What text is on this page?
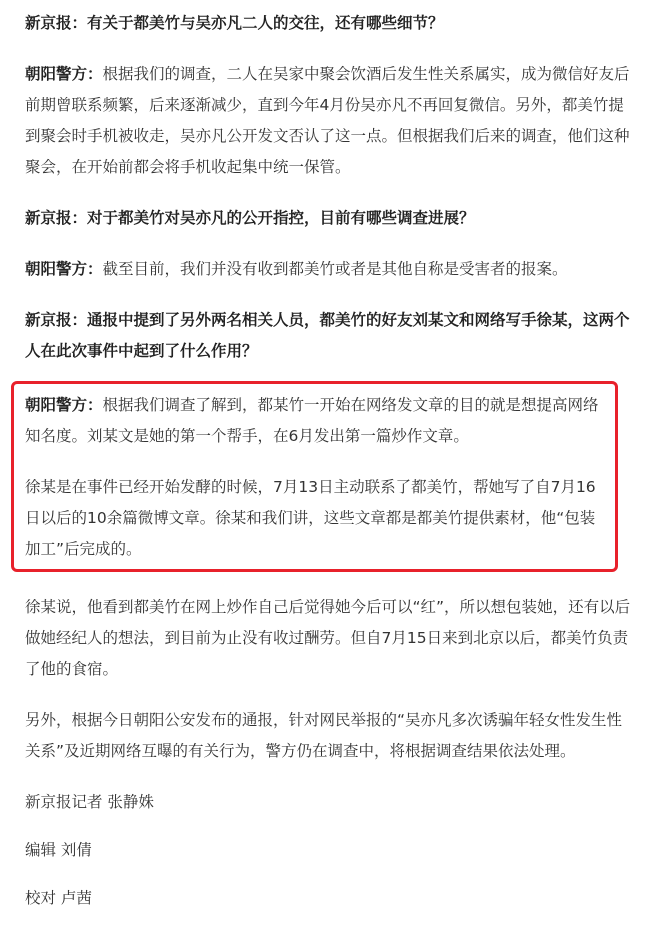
新京报：有关于都美竹与吴亦凡二人的交往，还有哪些细节？

朝阳警方：根据我们的调查，二人在吴家中聚会饮酒后发生性关系属实，成为微信好友后前期曾联系频繁，后来逐渐减少，直到今年4月份吴亦凡不再回复微信。另外，都美竹提到聚会时手机被收走，吴亦凡公开发文否认了这一点。但根据我们后来的调查，他们这种聚会，在开始前都会将手机收起集中统一保管。

新京报：对于都美竹对吴亦凡的公开指控，目前有哪些调查进展？

朝阳警方：截至目前，我们并没有收到都美竹或者是其他自称是受害者的报案。

新京报：通报中提到了另外两名相关人员，都美竹的好友刘某文和网络写手徐某，这两个人在此次事件中起到了什么作用？

朝阳警方：根据我们调查了解到，都某竹一开始在网络发文章的目的就是想提高网络知名度。刘某文是她的第一个帮手，在6月发出第一篇炒作文章。

徐某是在事件已经开始发酵的时候，7月13日主动联系了都美竹，帮她写了自7月16日以后的10余篇微博文章。徐某和我们讲，这些文章都是都美竹提供素材，他“包装加工”后完成的。

徐某说，他看到都美竹在网上炒作自己后觉得她今后可以“红”，所以想包装她，还有以后做她经纪人的想法，到目前为止没有收过酬劳。但自7月15日来到北京以后，都美竹负责了他的食宿。

另外，根据今日朝阳公安发布的通报，针对网民举报的“吴亦凡多次诱骗年轻女性发生性关系”及近期网络互曝的有关行为，警方仍在调查中，将根据调查结果依法处理。

新京报记者 张静姝

编辑 刘倩

校对 卢茜
